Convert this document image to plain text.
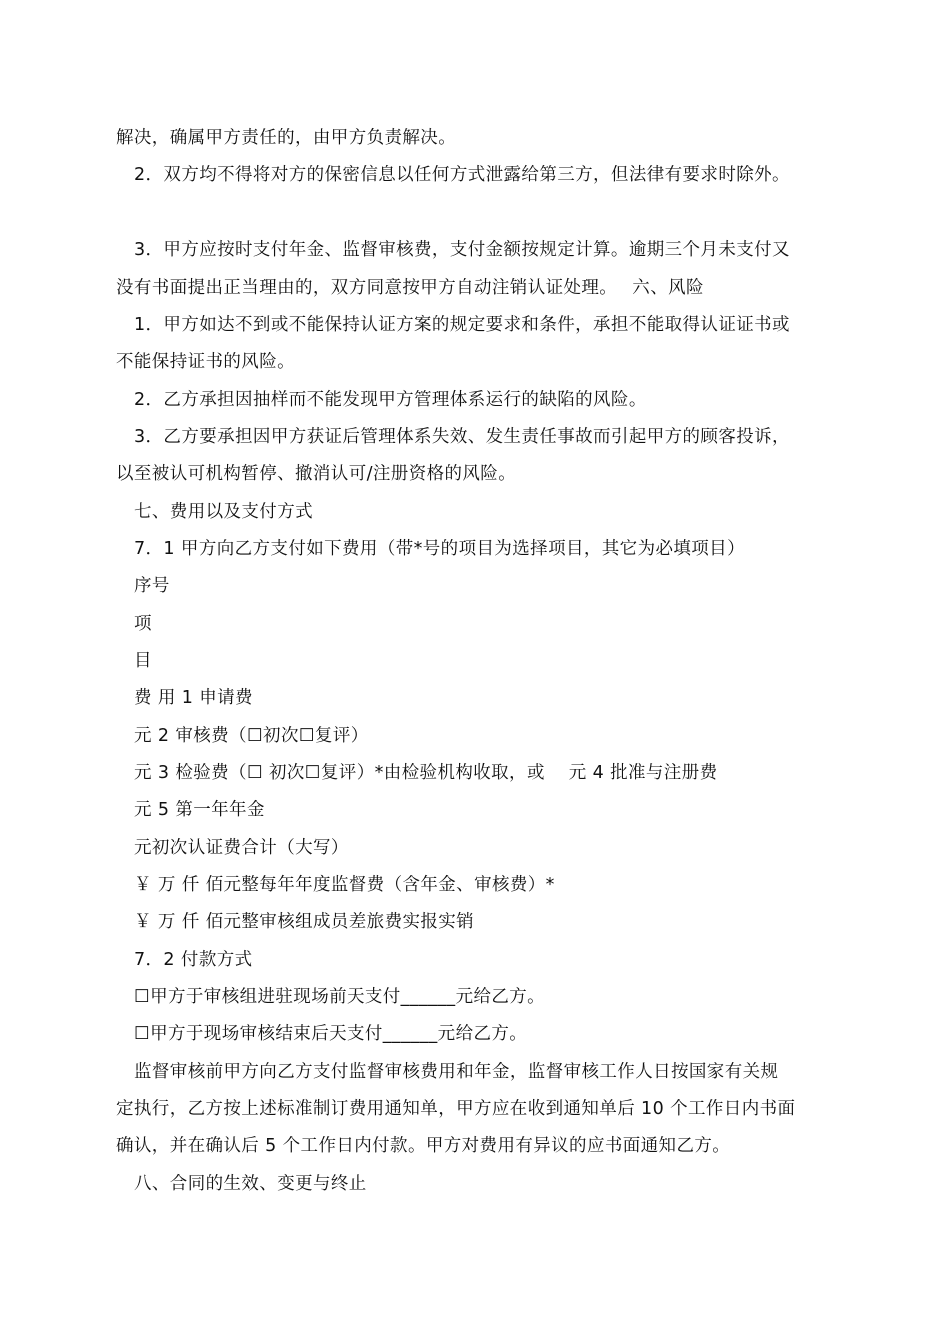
解决，确属甲方责任的，由甲方负责解决。
2．双方均不得将对方的保密信息以任何方式泄露给第三方，但法律有要求时除外。
3．甲方应按时支付年金、监督审核费，支付金额按规定计算。逾期三个月未支付又
没有书面提出正当理由的，双方同意按甲方自动注销认证处理。　 六、风险
1．甲方如达不到或不能保持认证方案的规定要求和条件，承担不能取得认证证书或
不能保持证书的风险。
2．乙方承担因抽样而不能发现甲方管理体系运行的缺陷的风险。
3．乙方要承担因甲方获证后管理体系失效、发生责任事故而引起甲方的顾客投诉，
以至被认可机构暂停、撤消认可/注册资格的风险。
七、费用以及支付方式
7．1 甲方向乙方支付如下费用（带*号的项目为选择项目，其它为必填项目）
序号
项
目
费 用 1 申请费
元 2 审核费（☐初次☐复评）
元 3 检验费（☐ 初次☐复评）*由检验机构收取，或　 元 4 批准与注册费
元 5 第一年年金
元初次认证费合计（大写）
￥ 万 仟 佰元整每年年度监督费（含年金、审核费）*
￥ 万 仟 佰元整审核组成员差旅费实报实销
7．2 付款方式
☐甲方于审核组进驻现场前天支付______元给乙方。
☐甲方于现场审核结束后天支付______元给乙方。
监督审核前甲方向乙方支付监督审核费用和年金，监督审核工作人日按国家有关规
定执行，乙方按上述标准制订费用通知单，甲方应在收到通知单后 10 个工作日内书面
确认，并在确认后 5 个工作日内付款。甲方对费用有异议的应书面通知乙方。
八、合同的生效、变更与终止
